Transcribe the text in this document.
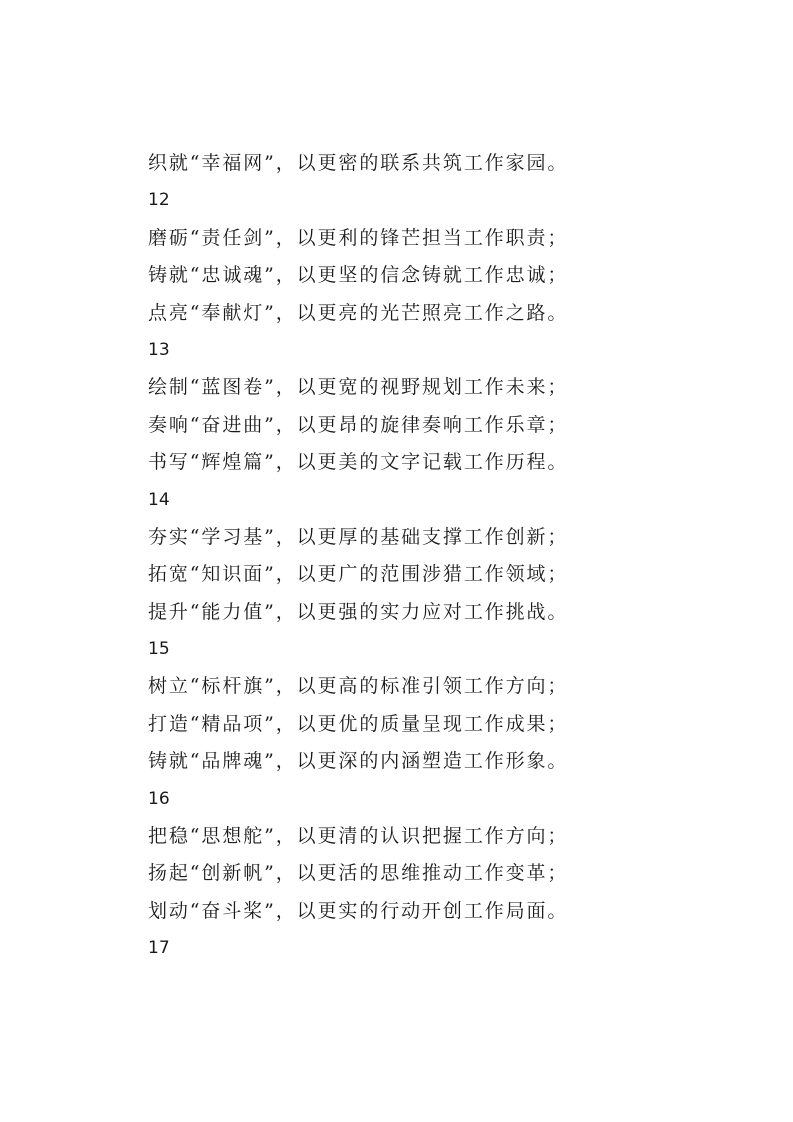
织就“幸福网”，以更密的联系共筑工作家园。
12
磨砺“责任剑”，以更利的锋芒担当工作职责；
铸就“忠诚魂”，以更坚的信念铸就工作忠诚；
点亮“奉献灯”，以更亮的光芒照亮工作之路。
13
绘制“蓝图卷”，以更宽的视野规划工作未来；
奏响“奋进曲”，以更昂的旋律奏响工作乐章；
书写“辉煌篇”，以更美的文字记载工作历程。
14
夯实“学习基”，以更厚的基础支撑工作创新；
拓宽“知识面”，以更广的范围涉猎工作领域；
提升“能力值”，以更强的实力应对工作挑战。
15
树立“标杆旗”，以更高的标准引领工作方向；
打造“精品项”，以更优的质量呈现工作成果；
铸就“品牌魂”，以更深的内涵塑造工作形象。
16
把稳“思想舵”，以更清的认识把握工作方向；
扬起“创新帆”，以更活的思维推动工作变革；
划动“奋斗桨”，以更实的行动开创工作局面。
17
